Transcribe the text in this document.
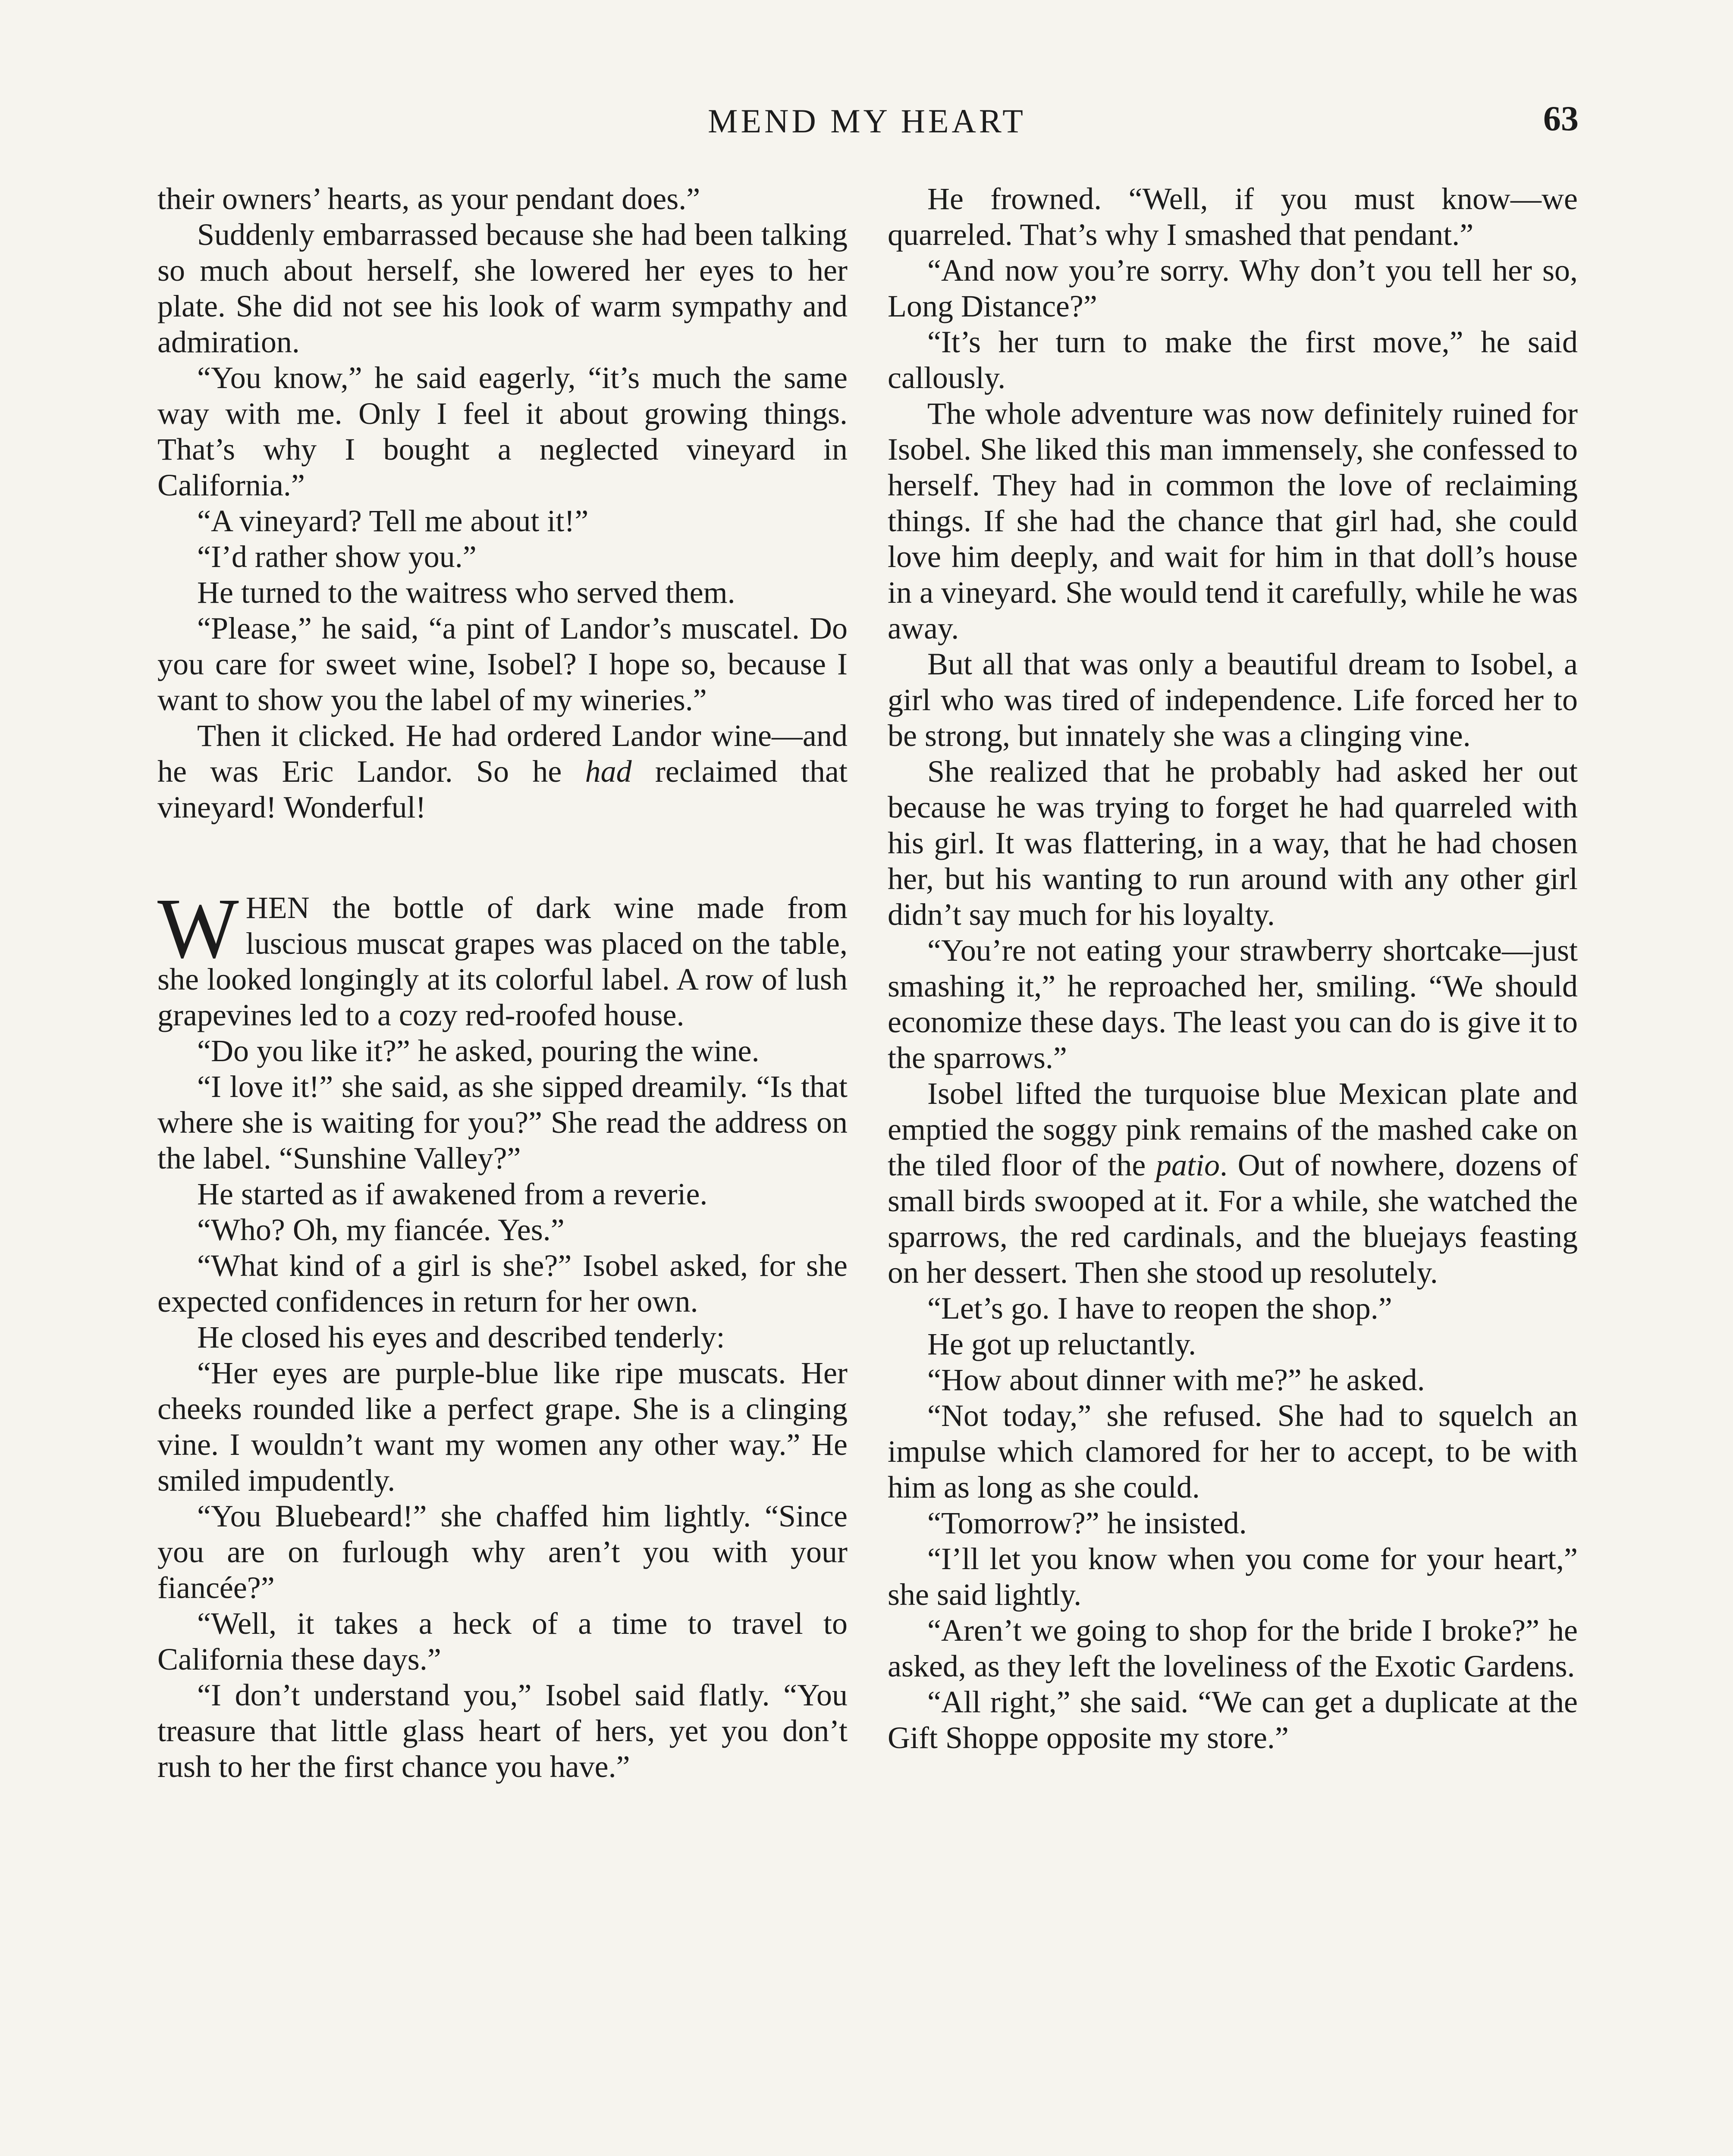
MEND MY HEART	63

their owners’ hearts, as your pendant does.”

Suddenly embarrassed because she had been talking so much about herself, she lowered her eyes to her plate. She did not see his look of warm sympathy and admiration.

“You know,” he said eagerly, “it’s much the same way with me. Only I feel it about growing things. That’s why I bought a neglected vineyard in California.”

“A vineyard? Tell me about it!”

“I’d rather show you.”

He turned to the waitress who served them.

“Please,” he said, “a pint of Landor’s muscatel. Do you care for sweet wine, Isobel? I hope so, because I want to show you the label of my wineries.”

Then it clicked. He had ordered Landor wine—and he was Eric Landor. So he had reclaimed that vineyard! Wonderful!

WHEN the bottle of dark wine made from luscious muscat grapes was placed on the table, she looked longingly at its colorful label. A row of lush grapevines led to a cozy red-roofed house.

“Do you like it?” he asked, pouring the wine.

“I love it!” she said, as she sipped dreamily. “Is that where she is waiting for you?” She read the address on the label. “Sunshine Valley?”

He started as if awakened from a reverie.

“Who? Oh, my fiancée. Yes.”

“What kind of a girl is she?” Isobel asked, for she expected confidences in return for her own.

He closed his eyes and described tenderly:

“Her eyes are purple-blue like ripe muscats. Her cheeks rounded like a perfect grape. She is a clinging vine. I wouldn’t want my women any other way.” He smiled impudently.

“You Bluebeard!” she chaffed him lightly. “Since you are on furlough why aren’t you with your fiancée?”

“Well, it takes a heck of a time to travel to California these days.”

“I don’t understand you,” Isobel said flatly. “You treasure that little glass heart of hers, yet you don’t rush to her the first chance you have.”

He frowned. “Well, if you must know—we quarreled. That’s why I smashed that pendant.”

“And now you’re sorry. Why don’t you tell her so, Long Distance?”

“It’s her turn to make the first move,” he said callously.

The whole adventure was now definitely ruined for Isobel. She liked this man immensely, she confessed to herself. They had in common the love of reclaiming things. If she had the chance that girl had, she could love him deeply, and wait for him in that doll’s house in a vineyard. She would tend it carefully, while he was away.

But all that was only a beautiful dream to Isobel, a girl who was tired of independence. Life forced her to be strong, but innately she was a clinging vine.

She realized that he probably had asked her out because he was trying to forget he had quarreled with his girl. It was flattering, in a way, that he had chosen her, but his wanting to run around with any other girl didn’t say much for his loyalty.

“You’re not eating your strawberry shortcake—just smashing it,” he reproached her, smiling. “We should economize these days. The least you can do is give it to the sparrows.”

Isobel lifted the turquoise blue Mexican plate and emptied the soggy pink remains of the mashed cake on the tiled floor of the patio. Out of nowhere, dozens of small birds swooped at it. For a while, she watched the sparrows, the red cardinals, and the bluejays feasting on her dessert. Then she stood up resolutely.

“Let’s go. I have to reopen the shop.”

He got up reluctantly.

“How about dinner with me?” he asked.

“Not today,” she refused. She had to squelch an impulse which clamored for her to accept, to be with him as long as she could.

“Tomorrow?” he insisted.

“I’ll let you know when you come for your heart,” she said lightly.

“Aren’t we going to shop for the bride I broke?” he asked, as they left the loveliness of the Exotic Gardens.

“All right,” she said. “We can get a duplicate at the Gift Shoppe opposite my store.”
